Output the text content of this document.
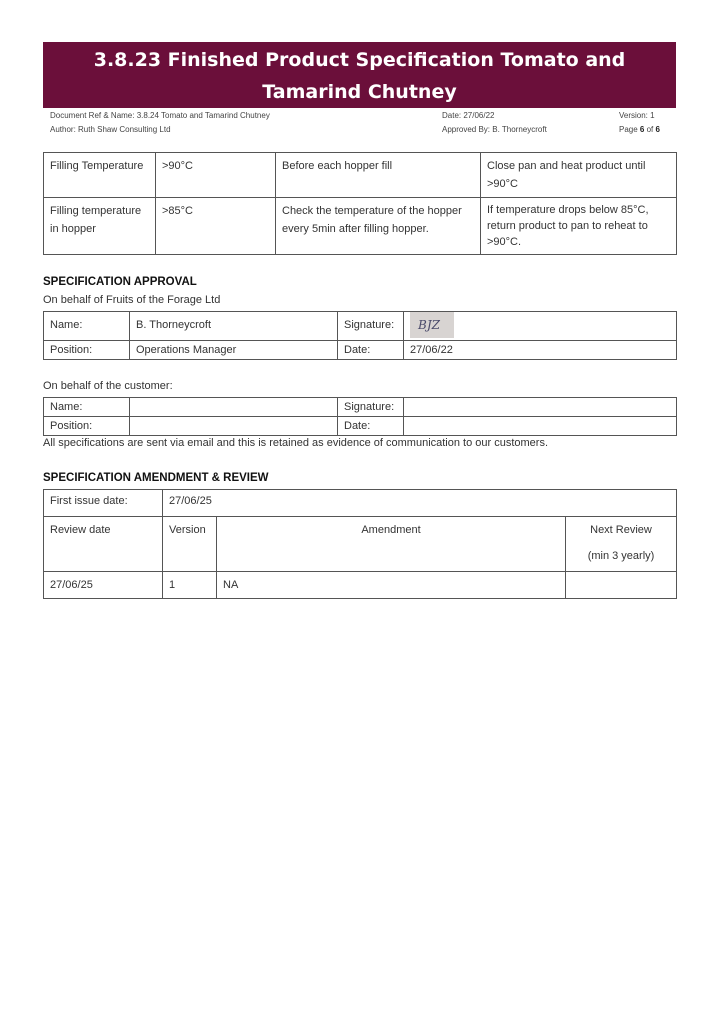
3.8.23 Finished Product Specification Tomato and Tamarind Chutney
Document Ref & Name: 3.8.24 Tomato and Tamarind Chutney	Date: 27/06/22	Version: 1
Author: Ruth Shaw Consulting Ltd	Approved By: B. Thorneycroft	Page 6 of 6
Filling Temperature	>90°C	Before each hopper fill	Close pan and heat product until >90°C
Filling temperature in hopper	>85°C	Check the temperature of the hopper every 5min after filling hopper.	If temperature drops below 85°C, return product to pan to reheat to >90°C.
SPECIFICATION APPROVAL
On behalf of Fruits of the Forage Ltd
Name:	B. Thorneycroft	Signature:	BJZ

Position:	Operations Manager	Date:	27/06/22
On behalf of the customer:
Name:		Signature:	
Position:		Date:	
All specifications are sent via email and this is retained as evidence of communication to our customers.
SPECIFICATION AMENDMENT & REVIEW
First issue date:	27/06/25		
Review date	Version	Amendment	Next Review
(min 3 yearly)

27/06/25	1	NA	
